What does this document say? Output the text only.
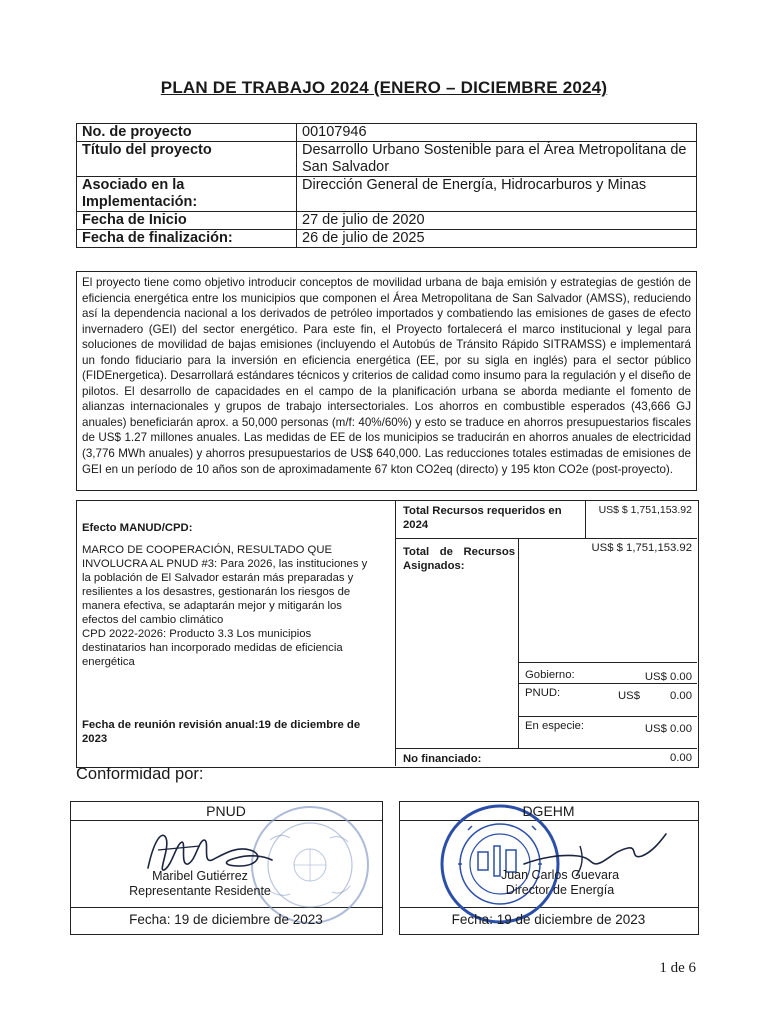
PLAN DE TRABAJO 2024 (ENERO – DICIEMBRE 2024)
No. de proyecto	00107946
Título del proyecto	Desarrollo Urbano Sostenible para el Área Metropolitana de San Salvador
Asociado en la Implementación:	Dirección General de Energía, Hidrocarburos y Minas
Fecha de Inicio	27 de julio de 2020
Fecha de finalización:	26 de julio de 2025
El proyecto tiene como objetivo introducir conceptos de movilidad urbana de baja emisión y estrategias de gestión de eficiencia energética entre los municipios que componen el Área Metropolitana de San Salvador (AMSS), reduciendo así la dependencia nacional a los derivados de petróleo importados y combatiendo las emisiones de gases de efecto invernadero (GEI) del sector energético. Para este fin, el Proyecto fortalecerá el marco institucional y legal para soluciones de movilidad de bajas emisiones (incluyendo el Autobús de Tránsito Rápido SITRAMSS) e implementará un fondo fiduciario para la inversión en eficiencia energética (EE, por su sigla en inglés) para el sector público (FIDEnergetica). Desarrollará estándares técnicos y criterios de calidad como insumo para la regulación y el diseño de pilotos. El desarrollo de capacidades en el campo de la planificación urbana se aborda mediante el fomento de alianzas internacionales y grupos de trabajo intersectoriales. Los ahorros en combustible esperados (43,666 GJ anuales) beneficiarán aprox. a 50,000 personas (m/f: 40%/60%) y esto se traduce en ahorros presupuestarios fiscales de US$ 1.27 millones anuales. Las medidas de EE de los municipios se traducirán en ahorros anuales de electricidad (3,776 MWh anuales) y ahorros presupuestarios de US$ 640,000. Las reducciones totales estimadas de emisiones de GEI en un período de 10 años son de aproximadamente 67 kton CO2eq (directo) y 195 kton CO2e (post-proyecto).
Efecto MANUD/CPD:
MARCO DE COOPERACIÓN, RESULTADO QUE INVOLUCRA AL PNUD #3: Para 2026, las instituciones y la población de El Salvador estarán más preparadas y resilientes a los desastres, gestionarán los riesgos de manera efectiva, se adaptarán mejor y mitigarán los efectos del cambio climático
CPD 2022-2026: Producto 3.3 Los municipios destinatarios han incorporado medidas de eficiencia energética
Fecha de reunión revisión anual:19 de diciembre de 2023
Total Recursos requeridos en 2024
US$ $ 1,751,153.92
Total de Recursos Asignados:
US$ $ 1,751,153.92
Gobierno:	US$ 0.00
PNUD:	US$	0.00
En especie:	US$ 0.00
No financiado:	0.00
Conformidad por:
PNUD
Maribel Gutiérrez
Representante Residente
Fecha: 19 de diciembre de 2023
DGEHM
Juan Carlos Guevara
Director de Energía
Fecha: 19 de diciembre de 2023
1 de 6
